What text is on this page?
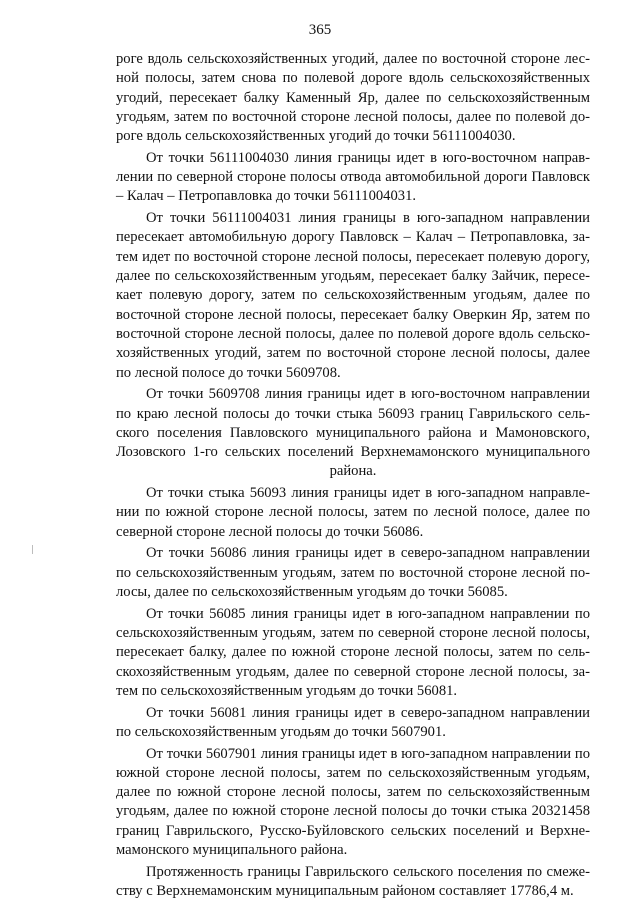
365

роге вдоль сельскохозяйственных угодий, далее по восточной стороне лесной полосы, затем снова по полевой дороге вдоль сельскохозяйственных угодий, пересекает балку Каменный Яр, далее по сельскохозяйственным угодьям, затем по восточной стороне лесной полосы, далее по полевой дороге вдоль сельскохозяйственных угодий до точки 56111004030.

От точки 56111004030 линия границы идет в юго-восточном направлении по северной стороне полосы отвода автомобильной дороги Павловск – Калач – Петропавловка до точки 56111004031.

От точки 56111004031 линия границы в юго-западном направлении пересекает автомобильную дорогу Павловск – Калач – Петропавловка, затем идет по восточной стороне лесной полосы, пересекает полевую дорогу, далее по сельскохозяйственным угодьям, пересекает балку Зайчик, пересекает полевую дорогу, затем по сельскохозяйственным угодьям, далее по восточной стороне лесной полосы, пересекает балку Оверкин Яр, затем по восточной стороне лесной полосы, далее по полевой дороге вдоль сельскохозяйственных угодий, затем по восточной стороне лесной полосы, далее по лесной полосе до точки 5609708.

От точки 5609708 линия границы идет в юго-восточном направлении по краю лесной полосы до точки стыка 56093 границ Гаврильского сельского поселения Павловского муниципального района и Мамоновского, Лозовского 1-го сельских поселений Верхнемамонского муниципального района.

От точки стыка 56093 линия границы идет в юго-западном направлении по южной стороне лесной полосы, затем по лесной полосе, далее по северной стороне лесной полосы до точки 56086.

От точки 56086 линия границы идет в северо-западном направлении по сельскохозяйственным угодьям, затем по восточной стороне лесной полосы, далее по сельскохозяйственным угодьям до точки 56085.

От точки 56085 линия границы идет в юго-западном направлении по сельскохозяйственным угодьям, затем по северной стороне лесной полосы, пересекает балку, далее по южной стороне лесной полосы, затем по сельскохозяйственным угодьям, далее по северной стороне лесной полосы, затем по сельскохозяйственным угодьям до точки 56081.

От точки 56081 линия границы идет в северо-западном направлении по сельскохозяйственным угодьям до точки 5607901.

От точки 5607901 линия границы идет в юго-западном направлении по южной стороне лесной полосы, затем по сельскохозяйственным угодьям, далее по южной стороне лесной полосы, затем по сельскохозяйственным угодьям, далее по южной стороне лесной полосы до точки стыка 20321458 границ Гаврильского, Русско-Буйловского сельских поселений и Верхнемамонского муниципального района.

Протяженность границы Гаврильского сельского поселения по смежеству с Верхнемамонским муниципальным районом составляет 17786,4 м.
